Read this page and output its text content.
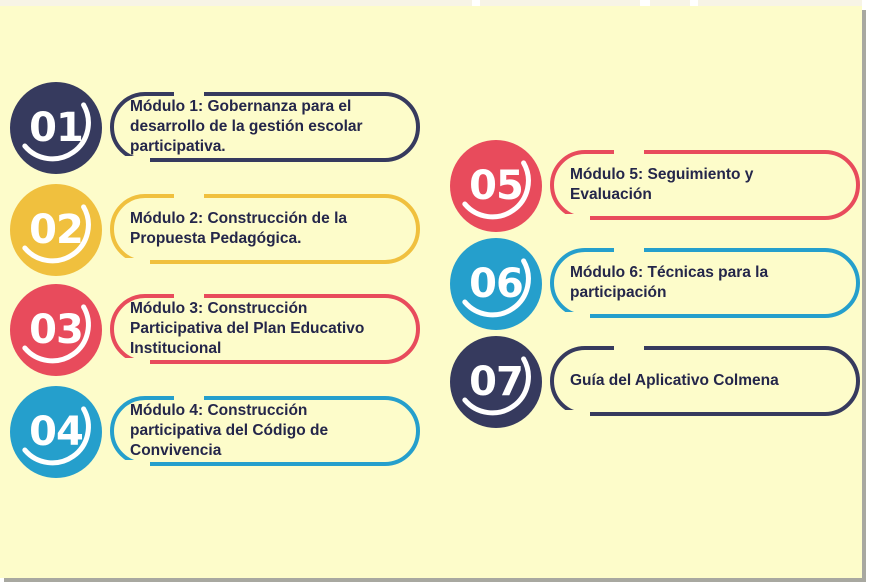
01	Módulo 1: Gobernanza para el desarrollo de la gestión escolar participativa.
02	Módulo 2: Construcción de la Propuesta Pedagógica.
03	Módulo 3: Construcción Participativa del Plan Educativo Institucional
04	Módulo 4: Construcción participativa del Código de Convivencia
05	Módulo 5: Seguimiento y Evaluación
06	Módulo 6: Técnicas para la participación
07	Guía del Aplicativo Colmena
